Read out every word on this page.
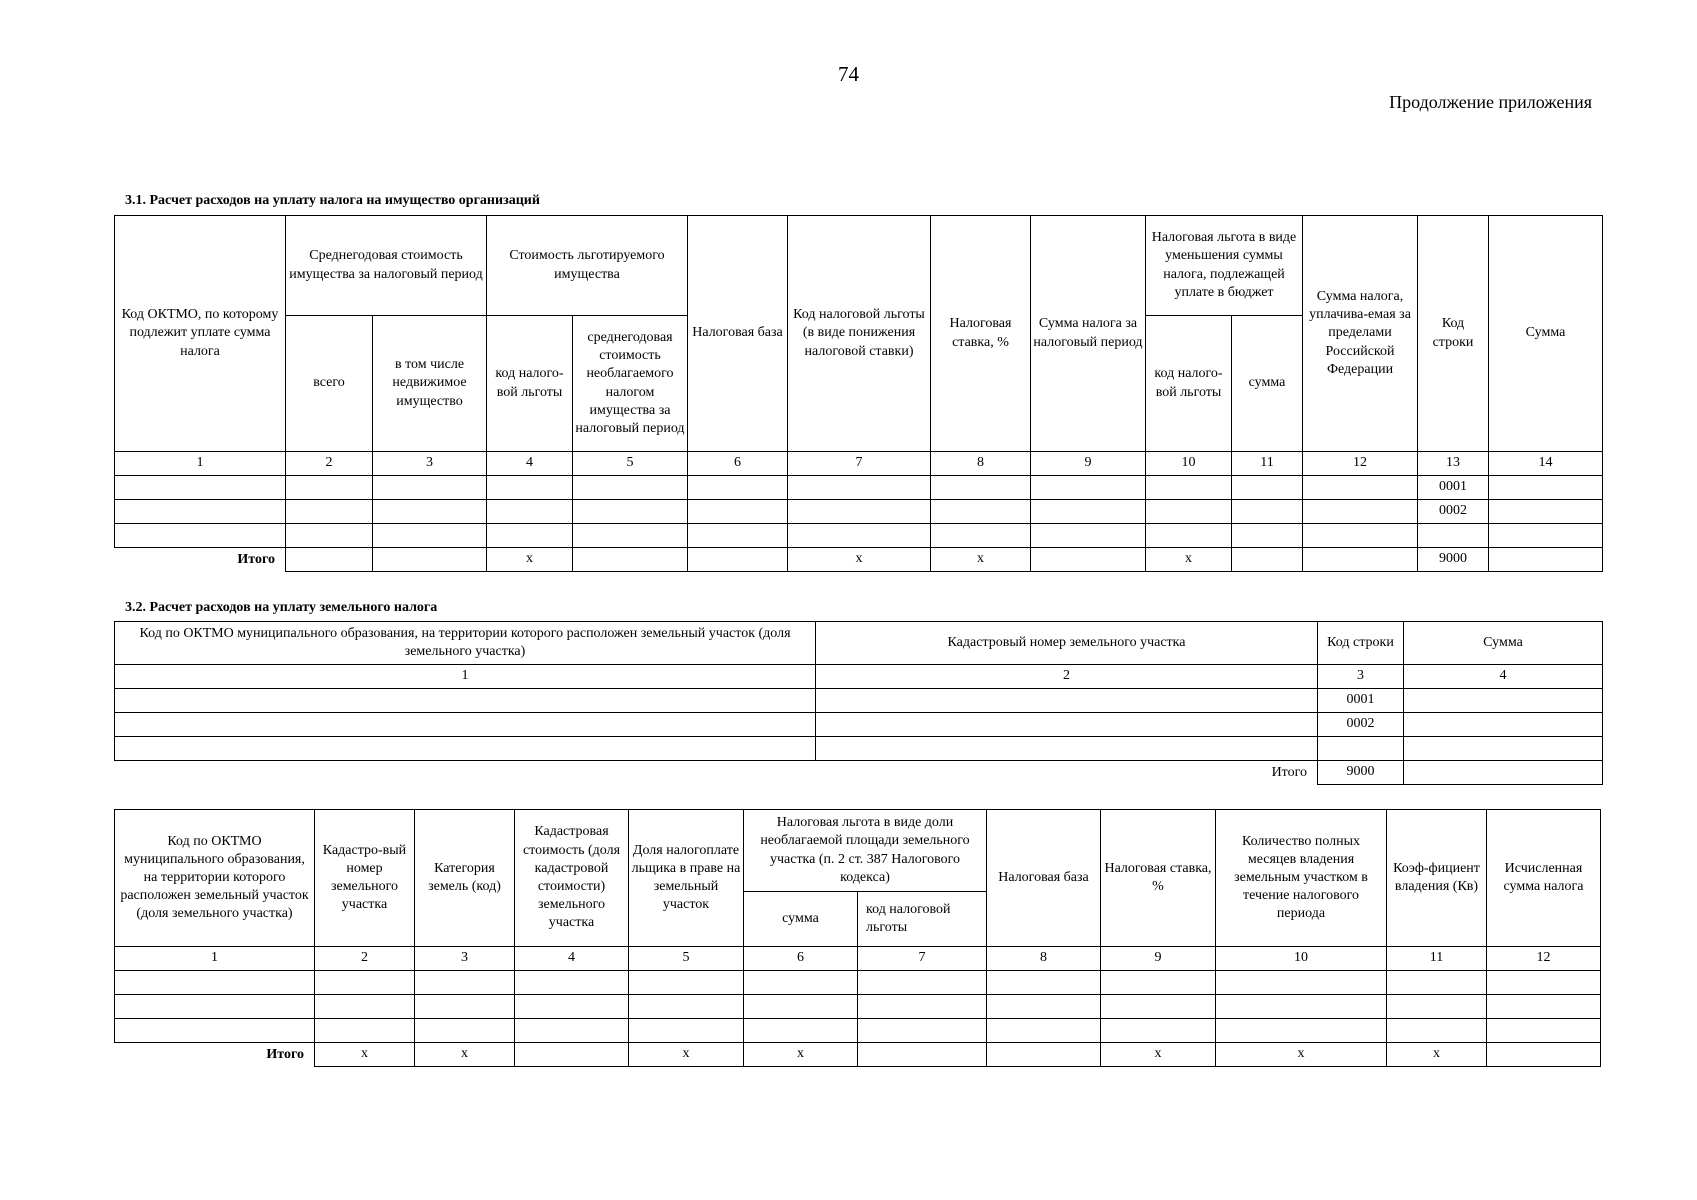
74
Продолжение приложения
3.1. Расчет расходов на уплату налога на имущество организаций
Код ОКТМО, по которому подлежит уплате сумма налога	Среднегодовая стоимость имущества за налоговый период		Стоимость льготируемого имущества		Налоговая база	Код налоговой льготы (в виде понижения налоговой ставки)	Налоговая ставка, %	Сумма налога за налоговый период	Налоговая льгота в виде уменьшения суммы налога, подлежащей уплате в бюджет		Сумма налога, уплачива-емая за пределами Российской Федерации	Код строки	Сумма
	всего	в том числе недвижимое имущество	код налого-вой льготы	среднегодовая стоимость необлагаемого налогом имущества за налоговый период					код налого-вой льготы	сумма			
1	2	3	4	5	6	7	8	9	10	11	12	13	14
												0001	
												0002	

Итого			x			x	x		x			9000	
3.2. Расчет расходов на уплату земельного налога
Код по ОКТМО муниципального образования, на территории которого расположен земельный участок (доля земельного участка)	Кадастровый номер земельного участка	Код строки	Сумма
1	2	3	4
		0001	
		0002	

	Итого	9000	
Код по ОКТМО муниципального образования, на территории которого расположен земельный участок (доля земельного участка)	Кадастро-вый номер земельного участка	Категория земель (код)	Кадастровая стоимость (доля кадастровой стоимости) земельного участка	Доля налогоплате льщика в праве на земельный участок	Налоговая льгота в виде доли необлагаемой площади земельного участка (п. 2 ст. 387 Налогового кодекса)		Налоговая база	Налоговая ставка, %	Количество полных месяцев владения земельным участком в течение налогового периода	Коэф-фициент владения (Кв)	Исчисленная сумма налога
					сумма	код налоговой льготы					
1	2	3	4	5	6	7	8	9	10	11	12

Итого	x	x		x	x			x	x	x	
